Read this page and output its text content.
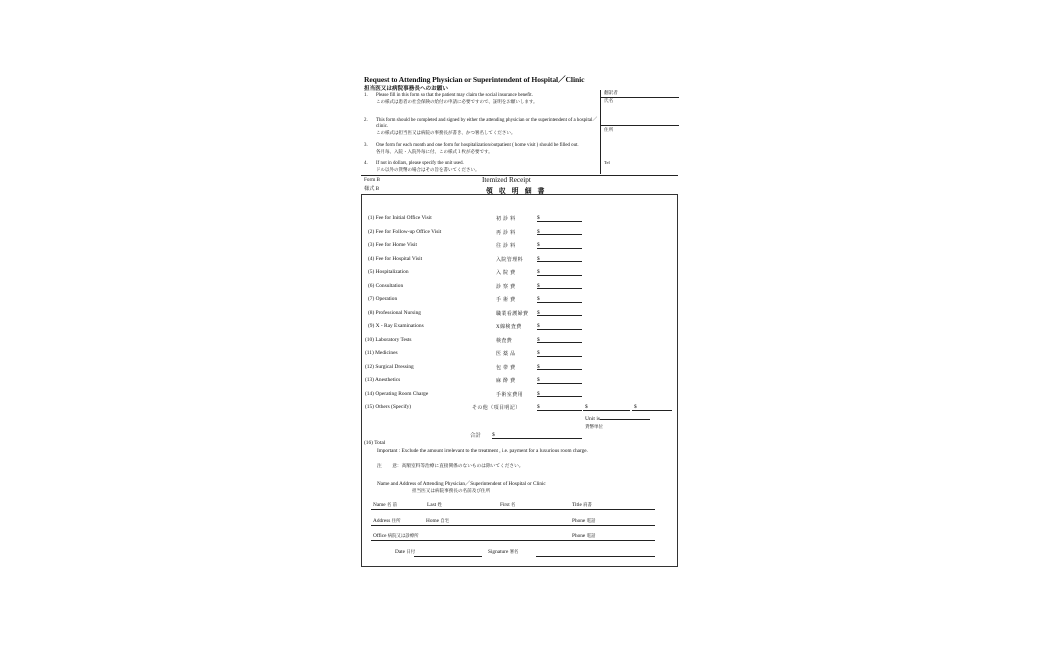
Request to Attending Physician or Superintendent of Hospital／Clinic
担当医又は病院事務長へのお願い
1.	Please fill in this form so that the patient may claim the social insurance benefit.
この様式は患者の社会保険の給付の申請に必要ですので、証明をお願いします。
2.	This form should be completed and signed by either the attending physician or the superintendent of a hospital／clinic.
この様式は担当医又は病院の事務長が書き、かつ署名してください。
3.	One form for each month and one form for hospitalization/outpatient ( home visit ) should be filled out.
各月毎、入院・入院外毎に付、この様式１枚が必要です。
4.	If not in dollars, please specify the unit used.
ドル以外の貨幣の場合はその旨を書いてください。
翻訳者
氏名
住所
Tel
Form B
様式 B
Itemized Receipt
領 収 明 細 書
(1) Fee for Initial Office Visit	初 診 料	$
(2) Fee for Follow-up Office Visit	再 診 料	$
(3) Fee for Home Visit	往 診 料	$
(4) Fee for Hospital Visit	入院管理料	$
(5) Hospitalization	入 院 費	$
(6) Consultation	診 察 費	$
(7) Operation	手 術 費	$
(8) Professional Nursing	職業看護婦費 $
(9) X - Ray Examinations	X線検査費	$
(10) Laboratory Tests	検査費	$
(11) Medicines	医 薬 品	$
(12) Surgical Dressing	包 帯 費	$
(13) Anesthetics	麻 酔 費	$
(14) Operating Room Charge	手術室費用	$
(15) Others (Specify)	その他（項目明記）	$	$	$
Unit is
貨幣単位
合計 $
(16) Total
Important : Exclude the amount irrelevant to the treatment , i.e. payment for a luxurious room charge.
注　　 意：高額室料等治療に直接関係のないものは除いてください。
Name and Address of Attending Physician／Superintendent of Hospital or Clinic
担当医又は病院事務長の名前及び住所
Name 名 前	Last 姓	First 名	Title 肩書
Address 住所	Home 自宅	Phone 電話
Office 病院又は診療所	Phone 電話
Date 日付	Signature 署名
